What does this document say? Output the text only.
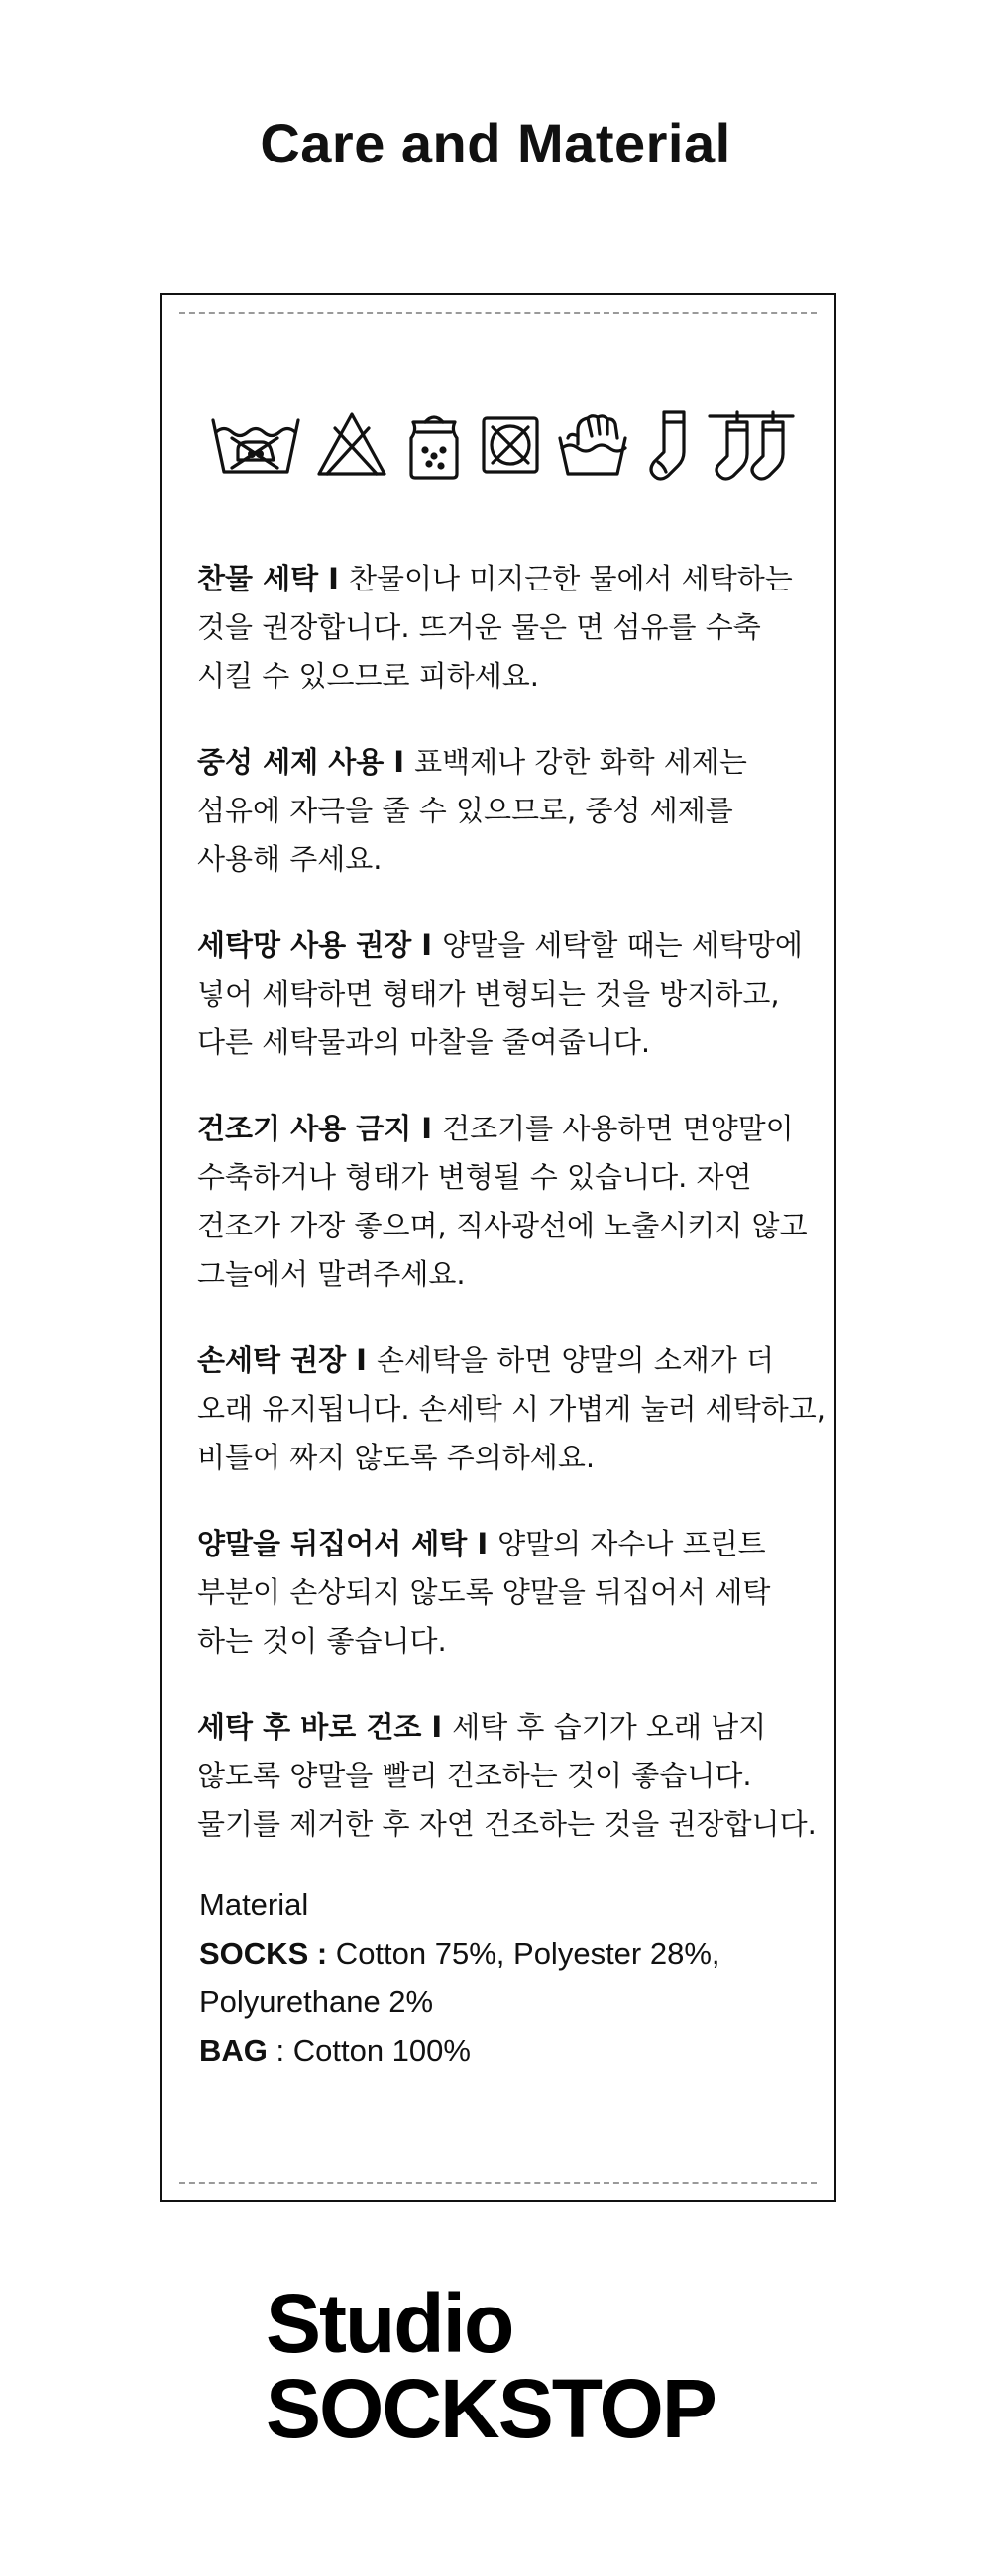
Care and Material
찬물 세탁 I 찬물이나 미지근한 물에서 세탁하는
것을 권장합니다. 뜨거운 물은 면 섬유를 수축
시킬 수 있으므로 피하세요.
중성 세제 사용 I 표백제나 강한 화학 세제는
섬유에 자극을 줄 수 있으므로, 중성 세제를
사용해 주세요.
세탁망 사용 권장 I 양말을 세탁할 때는 세탁망에
넣어 세탁하면 형태가 변형되는 것을 방지하고,
다른 세탁물과의 마찰을 줄여줍니다.
건조기 사용 금지 I 건조기를 사용하면 면양말이
수축하거나 형태가 변형될 수 있습니다. 자연
건조가 가장 좋으며, 직사광선에 노출시키지 않고
그늘에서 말려주세요.
손세탁 권장 I 손세탁을 하면 양말의 소재가 더
오래 유지됩니다. 손세탁 시 가볍게 눌러 세탁하고,
비틀어 짜지 않도록 주의하세요.
양말을 뒤집어서 세탁 I 양말의 자수나 프린트
부분이 손상되지 않도록 양말을 뒤집어서 세탁
하는 것이 좋습니다.
세탁 후 바로 건조 I 세탁 후 습기가 오래 남지
않도록 양말을 빨리 건조하는 것이 좋습니다.
물기를 제거한 후 자연 건조하는 것을 권장합니다.
Material
SOCKS : Cotton 75%, Polyester 28%,
Polyurethane 2%
BAG : Cotton 100%
Studio
SOCKSTOP
